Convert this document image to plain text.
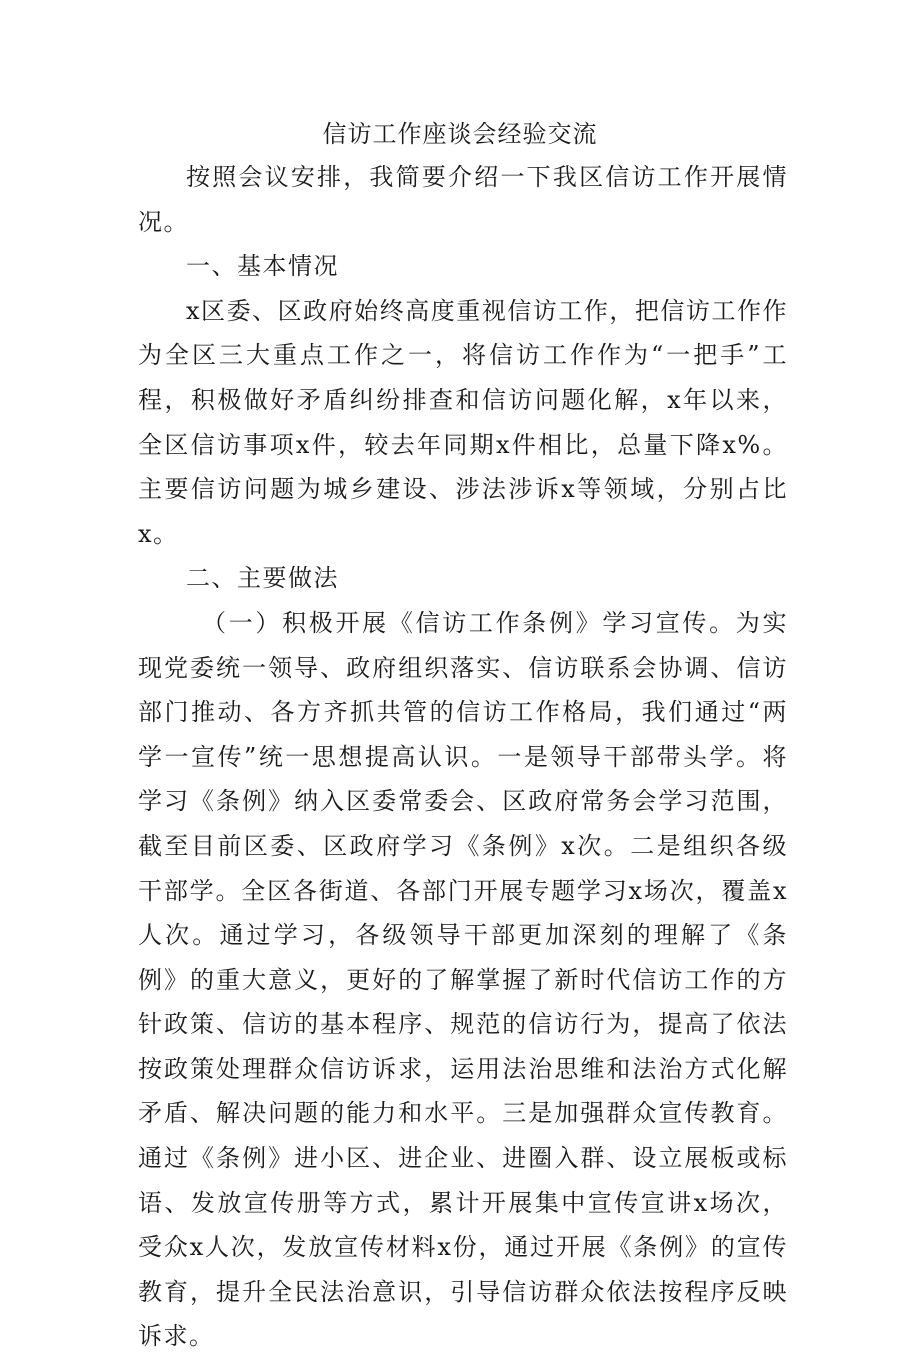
信访工作座谈会经验交流

按照会议安排，我简要介绍一下我区信访工作开展情况。

一、基本情况

x区委、区政府始终高度重视信访工作，把信访工作作为全区三大重点工作之一，将信访工作作为“一把手”工程，积极做好矛盾纠纷排查和信访问题化解，x年以来，全区信访事项x件，较去年同期x件相比，总量下降x%。主要信访问题为城乡建设、涉法涉诉x等领域，分别占比x。

二、主要做法

（一）积极开展《信访工作条例》学习宣传。为实现党委统一领导、政府组织落实、信访联系会协调、信访部门推动、各方齐抓共管的信访工作格局，我们通过“两学一宣传”统一思想提高认识。一是领导干部带头学。将学习《条例》纳入区委常委会、区政府常务会学习范围，截至目前区委、区政府学习《条例》x次。二是组织各级干部学。全区各街道、各部门开展专题学习x场次，覆盖x人次。通过学习，各级领导干部更加深刻的理解了《条例》的重大意义，更好的了解掌握了新时代信访工作的方针政策、信访的基本程序、规范的信访行为，提高了依法按政策处理群众信访诉求，运用法治思维和法治方式化解矛盾、解决问题的能力和水平。三是加强群众宣传教育。通过《条例》进小区、进企业、进圈入群、设立展板或标语、发放宣传册等方式，累计开展集中宣传宣讲x场次，受众x人次，发放宣传材料x份，通过开展《条例》的宣传教育，提升全民法治意识，引导信访群众依法按程序反映诉求。
